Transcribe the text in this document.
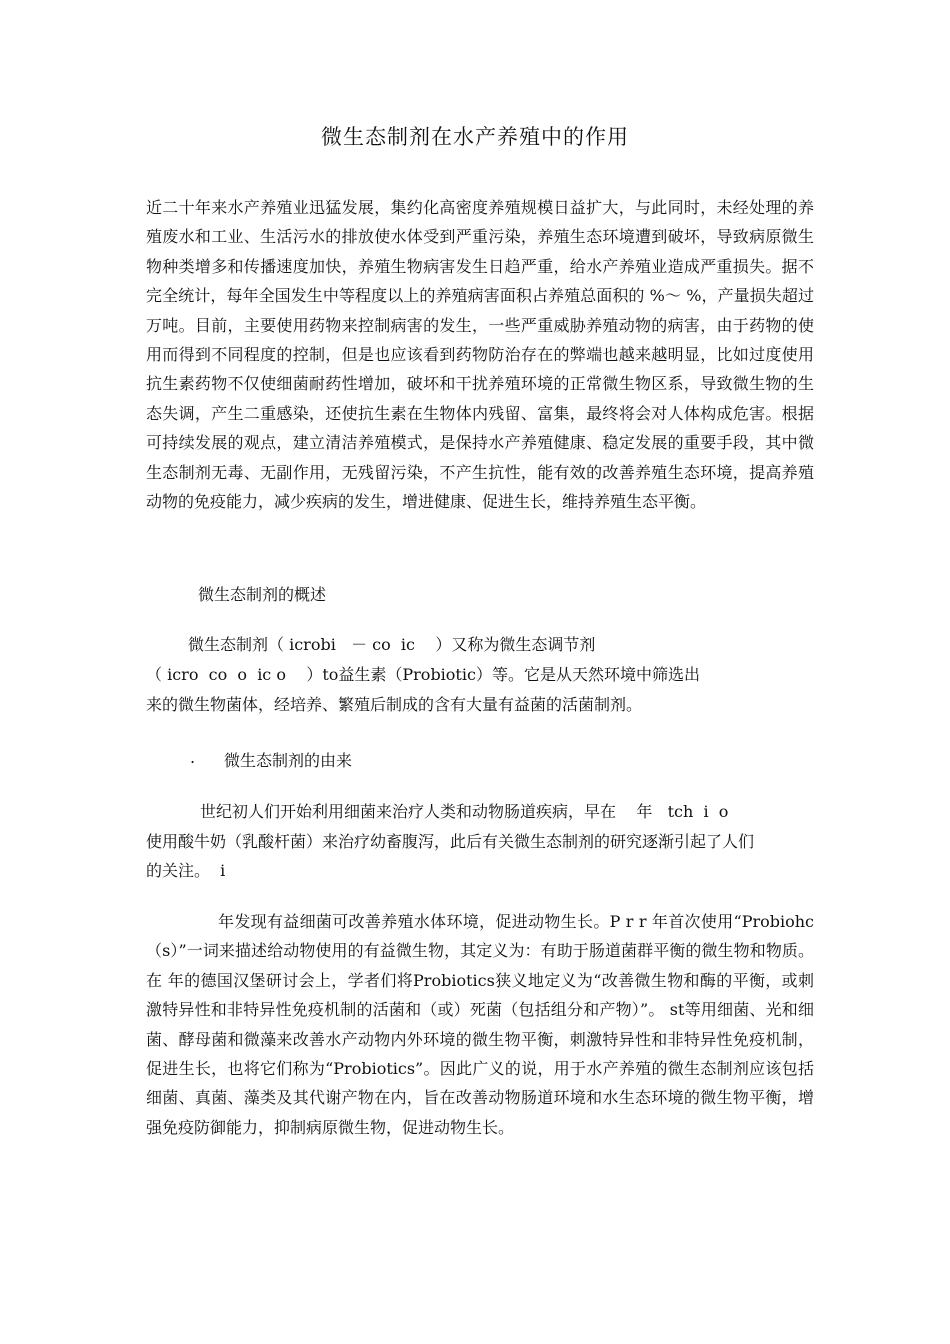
微生态制剂在水产养殖中的作用
近二十年来水产养殖业迅猛发展，集约化高密度养殖规模日益扩大，与此同时，未经处理的养殖废水和工业、生活污水的排放使水体受到严重污染，养殖生态环境遭到破坏，导致病原微生物种类增多和传播速度加快，养殖生物病害发生日趋严重，给水产养殖业造成严重损失。据不完全统计，每年全国发生中等程度以上的养殖病害面积占养殖总面积的 %～ %，产量损失超过 万吨。目前，主要使用药物来控制病害的发生，一些严重威胁养殖动物的病害，由于药物的使用而得到不同程度的控制，但是也应该看到药物防治存在的弊端也越来越明显，比如过度使用抗生素药物不仅使细菌耐药性增加，破坏和干扰养殖环境的正常微生物区系，导致微生物的生态失调，产生二重感染，还使抗生素在生物体内残留、富集，最终将会对人体构成危害。根据可持续发展的观点，建立清洁养殖模式，是保持水产养殖健康、稳定发展的重要手段，其中微生态制剂无毒、无副作用，无残留污染，不产生抗性，能有效的改善养殖生态环境，提高养殖动物的免疫能力，减少疾病的发生，增进健康、促进生长，维持养殖生态平衡。
微生态制剂的概述
微生态制剂（ icrobi   － co  ic    ）又称为微生态调节剂
（ icro  co  o  ic o    ）to益生素（Probiotic）等。它是从天然环境中筛选出
来的微生物菌体，经培养、繁殖后制成的含有大量有益菌的活菌制剂。
. 微生态制剂的由来
世纪初人们开始利用细菌来治疗人类和动物肠道疾病，早在    年   tch  i  o
使用酸牛奶（乳酸杆菌）来治疗幼畜腹泻，此后有关微生态制剂的研究逐渐引起了人们
的关注。  i
年发现有益细菌可改善养殖水体环境，促进动物生长。P r r 年首次使用“Probiohc（s）”一词来描述给动物使用的有益微生物，其定义为：有助于肠道菌群平衡的微生物和物质。在 年的德国汉堡研讨会上，学者们将Probiotics狭义地定义为“改善微生物和酶的平衡，或刺激特异性和非特异性免疫机制的活菌和（或）死菌（包括组分和产物）”。 st等用细菌、光和细菌、酵母菌和微藻来改善水产动物内外环境的微生物平衡，刺激特异性和非特异性免疫机制，促进生长，也将它们称为“Probiotics”。因此广义的说，用于水产养殖的微生态制剂应该包括细菌、真菌、藻类及其代谢产物在内，旨在改善动物肠道环境和水生态环境的微生物平衡，增强免疫防御能力，抑制病原微生物，促进动物生长。
